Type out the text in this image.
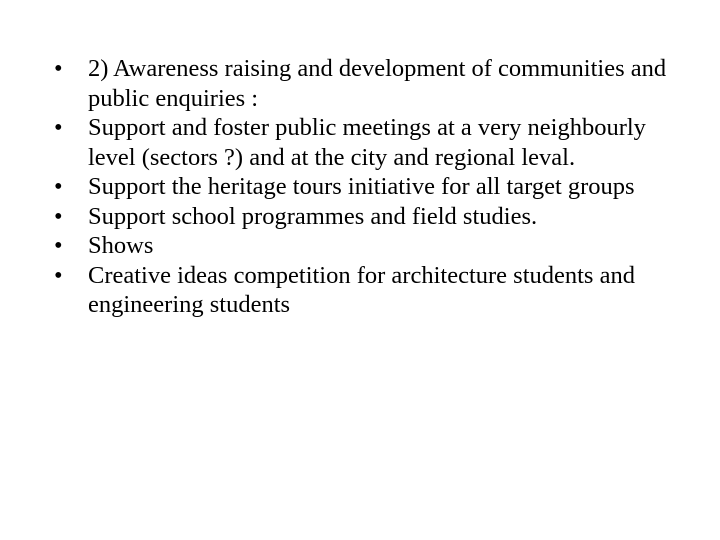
•	2) Awareness raising and development of communities and public enquiries :
•	Support and foster public meetings at a very neighbourly level (sectors ?) and at the city and regional leval.
•	Support the heritage tours initiative for all target groups
•	Support school programmes and field studies.
•	Shows
•	Creative ideas competition for architecture students and engineering students
